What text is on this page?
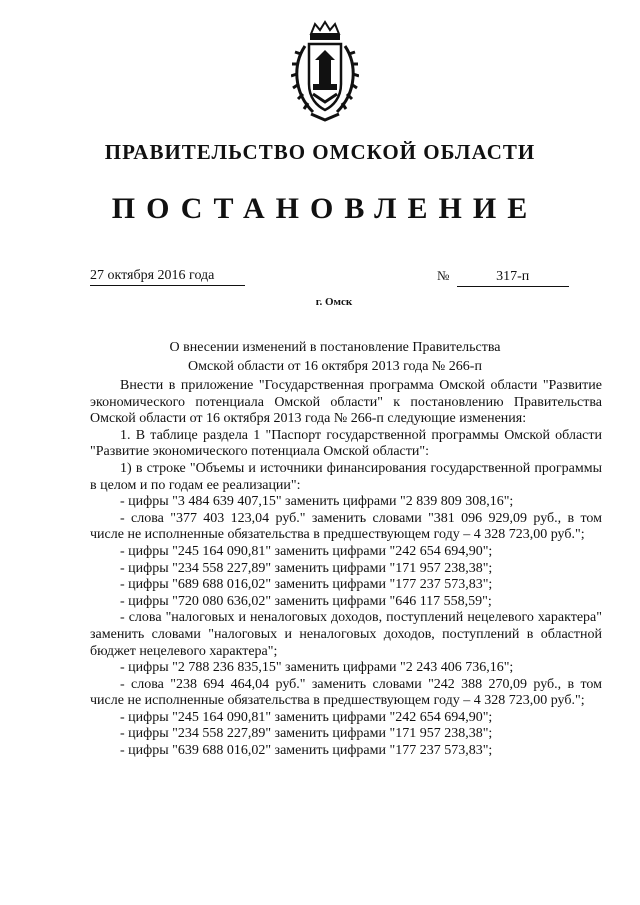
ПРАВИТЕЛЬСТВО ОМСКОЙ ОБЛАСТИ
ПОСТАНОВЛЕНИЕ
27 октября 2016 года	№	317-п
г. Омск
О внесении изменений в постановление Правительства
Омской области от 16 октября 2013 года № 266-п

Внести в приложение "Государственная программа Омской области "Развитие экономического потенциала Омской области" к постановлению Правительства Омской области от 16 октября 2013 года № 266-п следующие изменения:

1. В таблице раздела 1 "Паспорт государственной программы Омской области "Развитие экономического потенциала Омской области":

1) в строке "Объемы и источники финансирования государственной программы в целом и по годам ее реализации":

- цифры "3 484 639 407,15" заменить цифрами "2 839 809 308,16";

- слова "377 403 123,04 руб." заменить словами "381 096 929,09 руб., в том числе не исполненные обязательства в предшествующем году – 4 328 723,00 руб.";

- цифры "245 164 090,81" заменить цифрами "242 654 694,90";

- цифры "234 558 227,89" заменить цифрами "171 957 238,38";

- цифры "689 688 016,02" заменить цифрами "177 237 573,83";

- цифры "720 080 636,02" заменить цифрами "646 117 558,59";

- слова "налоговых и неналоговых доходов, поступлений нецелевого характера" заменить словами "налоговых и неналоговых доходов, поступлений в областной бюджет нецелевого характера";

- цифры "2 788 236 835,15" заменить цифрами "2 243 406 736,16";

- слова "238 694 464,04 руб." заменить словами "242 388 270,09 руб., в том числе не исполненные обязательства в предшествующем году – 4 328 723,00 руб.";

- цифры "245 164 090,81" заменить цифрами "242 654 694,90";

- цифры "234 558 227,89" заменить цифрами "171 957 238,38";

- цифры "639 688 016,02" заменить цифрами "177 237 573,83";
